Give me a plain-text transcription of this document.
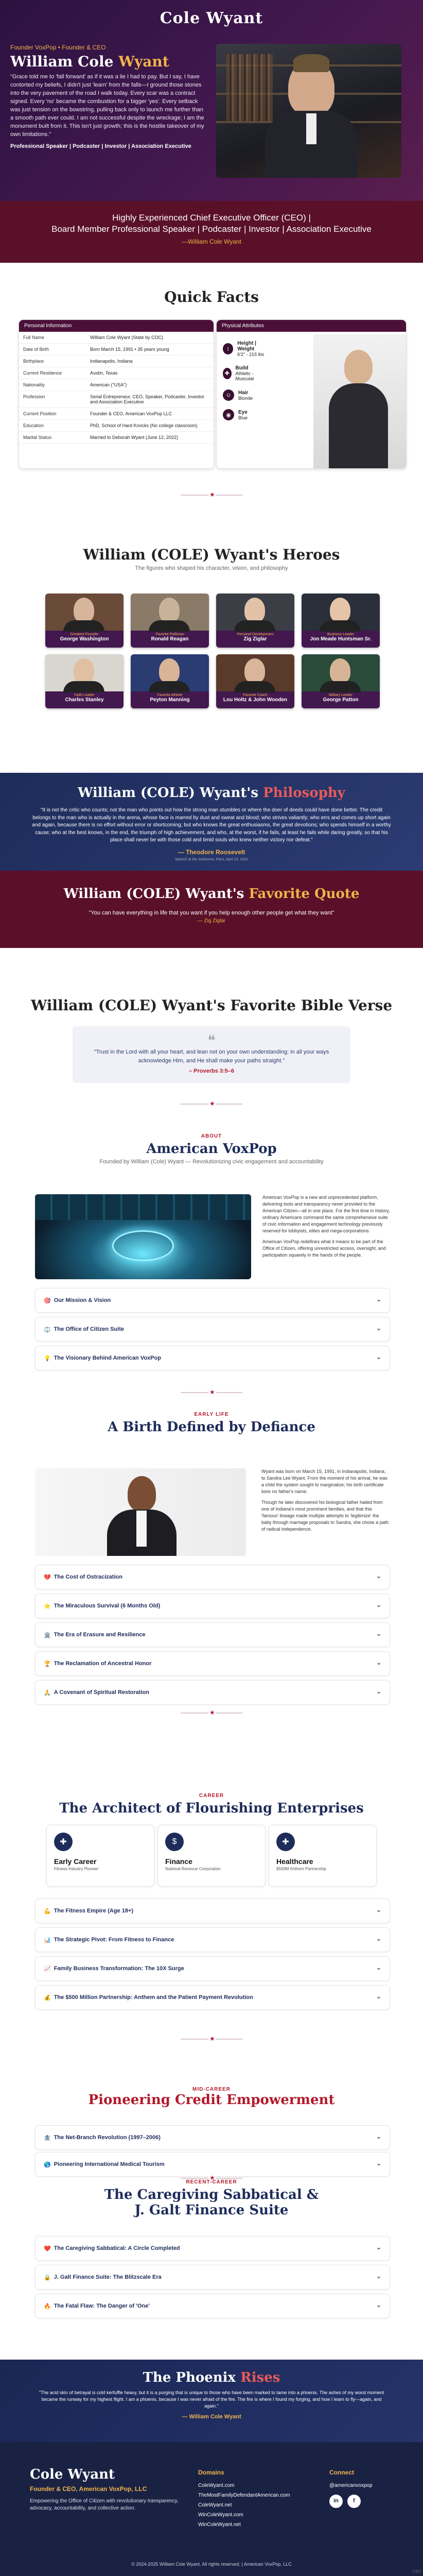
Cole Wyant
Founder VoxPop • Founder & CEO
William Cole Wyant
"Grace told me to 'fall forward' as if it was a lie I had to pay. But I say, I have contorted my beliefs, I didn't just 'learn' from the falls—I ground those stones into the very pavement of the road I walk today. Every scar was a contract signed. Every 'no' became the combustion for a bigger 'yes'. Every setback was just tension on the bowstring, pulling back only to launch me further than a smooth path ever could. I am not successful despite the wreckage; I am the monument built from it. This isn't just growth; this is the hostile takeover of my own limitations."
Professional Speaker | Podcaster | Investor | Association Executive
Highly Experienced Chief Executive Officer (CEO) |
Board Member Professional Speaker | Podcaster | Investor | Association Executive
—William Cole Wyant
Quick Facts
Personal Information
Full Name	William Cole Wyant (State by COC)
Date of Birth	Born March 15, 1991 • 35 years young
Birthplace	Indianapolis, Indiana
Current Residence	Austin, Texas
Nationality	American ("USA")
Profession	Serial Entrepreneur, CEO, Speaker, Podcaster, Investor and Association Executive
Current Position	Founder & CEO, American VoxPop LLC
Education	PhD, School of Hard Knocks (No college classroom)
Marital Status	Married to Deborah Wyant (June 12, 2022)
Physical Attributes
↕
Height | Weight
6'2" - 215 lbs
✚
Build
Athletic - Muscular
☺	Hair
Blonde
◉	Eye
Blue
★
William (COLE) Wyant's Heroes
The figures who shaped his character, vision, and philosophy
Greatest Founder
George Washington
Favorite Politician
Ronald Reagan
Personal Development
Zig Ziglar
Business Leader
Jon Meade Huntsman Sr.
Faith Leader
Charles Stanley
Favorite Athlete
Peyton Manning
Favorite Coach
Lou Holtz & John Wooden
Military Leader
George Patton
William (COLE) Wyant's Philosophy

"It is not the critic who counts; not the man who points out how the strong man stumbles or where the doer of deeds could have done better. The credit belongs to the man who is actually in the arena, whose face is marred by dust and sweat and blood; who strives valiantly; who errs and comes up short again and again, because there is no effort without error or shortcoming; but who knows the great enthusiasms, the great devotions; who spends himself in a worthy cause; who at the best knows, in the end, the triumph of high achievement, and who, at the worst, if he fails, at least he fails while daring greatly, so that his place shall never be with those cold and timid souls who knew neither victory nor defeat."

— Theodore Roosevelt
Speech at the Sorbonne, Paris, April 23, 1910
William (COLE) Wyant's Favorite Quote

"You can have everything in life that you want if you help enough other people get what they want"

— Zig Ziglar
William (COLE) Wyant's Favorite Bible Verse
❝
"Trust in the Lord with all your heart, and lean not on your own understanding; in all your ways acknowledge Him, and He shall make your paths straight."
– Proverbs 3:5–6
★
ABOUT
American VoxPop
Founded by William (Cole) Wyant — Revolutionizing civic engagement and accountability

American VoxPop is a new and unprecedented platform, delivering tools and transparency never provided to the American Citizen—all in one place. For the first time in history, ordinary Americans command the same comprehensive suite of civic information and engagement technology previously reserved for lobbyists, elites and mega-corporations.

American VoxPop redefines what it means to be part of the Office of Citizen, offering unrestricted access, oversight, and participation squarely in the hands of the people.

🎯 Our Mission & Vision	⌄
⚖️ The Office of Citizen Suite	⌄
💡 The Visionary Behind American VoxPop	⌄
★
EARLY LIFE
A Birth Defined by Defiance

Wyant was born on March 15, 1991, in Indianapolis, Indiana, to Sandra Lee Wyant. From the moment of his arrival, he was a child the system sought to marginalize; his birth certificate bore no father's name.

Though he later discovered his biological father hailed from one of Indiana's most prominent families, and that this 'famous' lineage made multiple attempts to 'legitimize' the baby through marriage proposals to Sandra, she chose a path of radical independence.

💔 The Cost of Ostracization	⌄
⭐ The Miraculous Survival (6 Months Old)	⌄
🏛️ The Era of Erasure and Resilience	⌄
🏆 The Reclamation of Ancestral Honor	⌄
🙏 A Covenant of Spiritual Restoration	⌄
★
CAREER
The Architect of Flourishing Enterprises
✚
Early Career
Fitness Industry Pioneer
$
Finance
National Revenue Corporation
✚
Healthcare
$500M Anthem Partnership
💪 The Fitness Empire (Age 18+)	⌄
📊 The Strategic Pivot: From Fitness to Finance	⌄
📈 Family Business Transformation: The 10X Surge	⌄
💰 The $500 Million Partnership: Anthem and the Patient Payment Revolution	⌄
★
MID-CAREER
Pioneering Credit Empowerment
🏦 The Net-Branch Revolution (1997–2006)	⌄
🌎 Pioneering International Medical Tourism	⌄
★
RECENT-CAREER
The Caregiving Sabbatical &
J. Galt Finance Suite
❤️ The Caregiving Sabbatical: A Circle Completed	⌄
🔒 J. Galt Finance Suite: The Blitzscale Era	⌄
🔥 The Fatal Flaw: The Danger of 'One'	⌄
The Phoenix Rises

"The acid skin of betrayal is cold kerfuffle heavy, but it is a purging that is unique to those who have been marked to tame into a phoenix. The ashes of my worst moment became the runway for my highest flight. I am a phoenix, because I was never afraid of the fire. The fire is where I found my forging, and how I learn to fly—again, and again."

— William Cole Wyant
Cole Wyant
Founder & CEO, American VoxPop, LLC
Empowering the Office of Citizen with revolutionary transparency, advocacy, accountability, and collective action.
Domains
ColeWyant.com
TheMostFamilyDefendantAmerican.com
ColeWyant.net
WinColeWyant.com
WinColeWyant.net
Connect
@americanvoxpop
in	f
© 2024-2025 William Cole Wyant. All rights reserved. | American VoxPop, LLC
CBS
